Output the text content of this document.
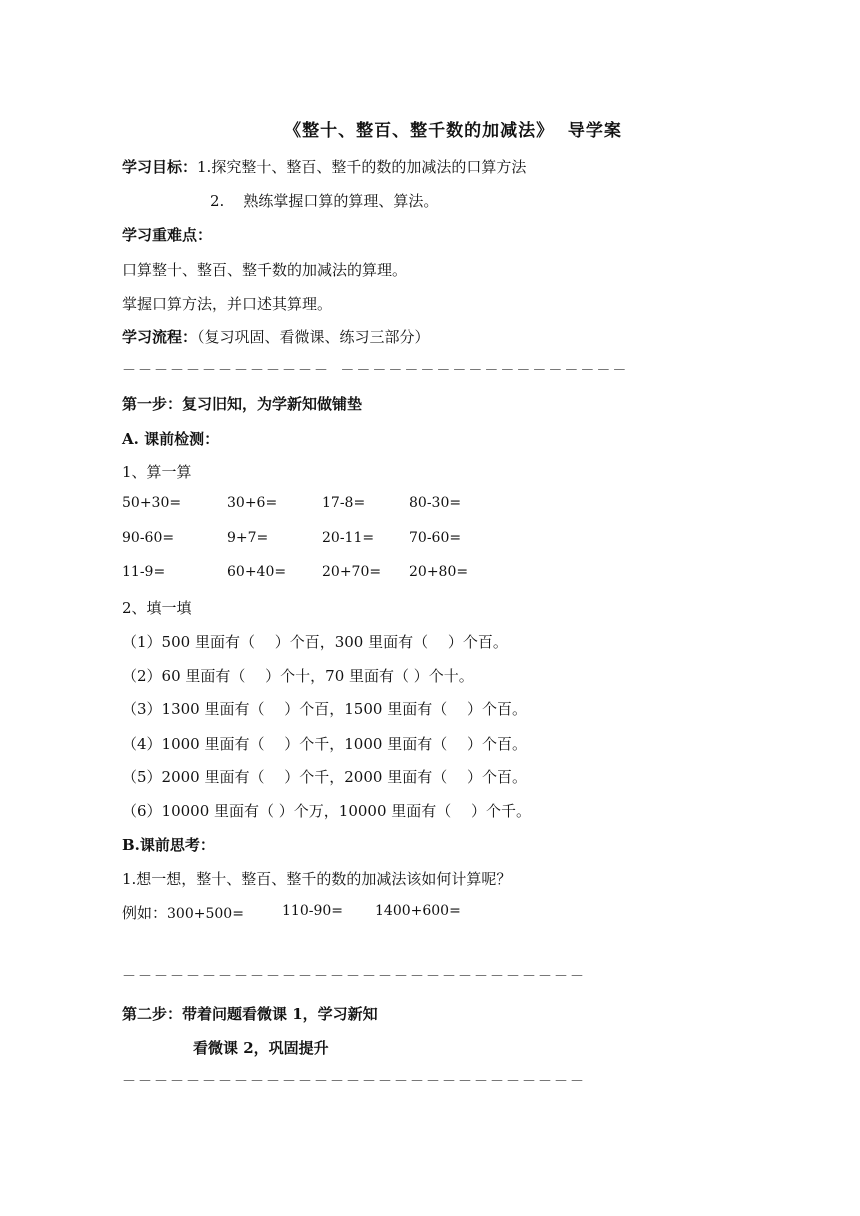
《整十、整百、整千数的加减法》 导学案
学习目标：1.探究整十、整百、整千的数的加减法的口算方法
2. 熟练掌握口算的算理、算法。
学习重难点：
口算整十、整百、整千数的加减法的算理。
掌握口算方法，并口述其算理。
学习流程：（复习巩固、看微课、练习三部分）
－－－－－－－－－－－－－ －－－－－－－－－－－－－－－－－－
第一步：复习旧知，为学新知做铺垫
A. 课前检测：
1、算一算
50+30=	30+6=	17-8=	80-30=
90-60=	9+7=	20-11= 70-60=
11-9=	60+40=	20+70= 20+80=
2、填一填
（1）500 里面有（　 ）个百，300 里面有（　 ）个百。
（2）60 里面有（　 ）个十，70 里面有（ ）个十。
（3）1300 里面有（　 ）个百，1500 里面有（　 ）个百。
（4）1000 里面有（　 ）个千，1000 里面有（　 ）个百。
（5）2000 里面有（　 ）个千，2000 里面有（　 ）个百。
（6）10000 里面有（ ）个万，10000 里面有（　 ）个千。
B.课前思考：
1.想一想，整十、整百、整千的数的加减法该如何计算呢？
例如：300+500=	110-90= 1400+600=
－－－－－－－－－－－－－－－－－－－－－－－－－－－－－
第二步：带着问题看微课 1，学习新知
看微课 2，巩固提升
－－－－－－－－－－－－－－－－－－－－－－－－－－－－－
